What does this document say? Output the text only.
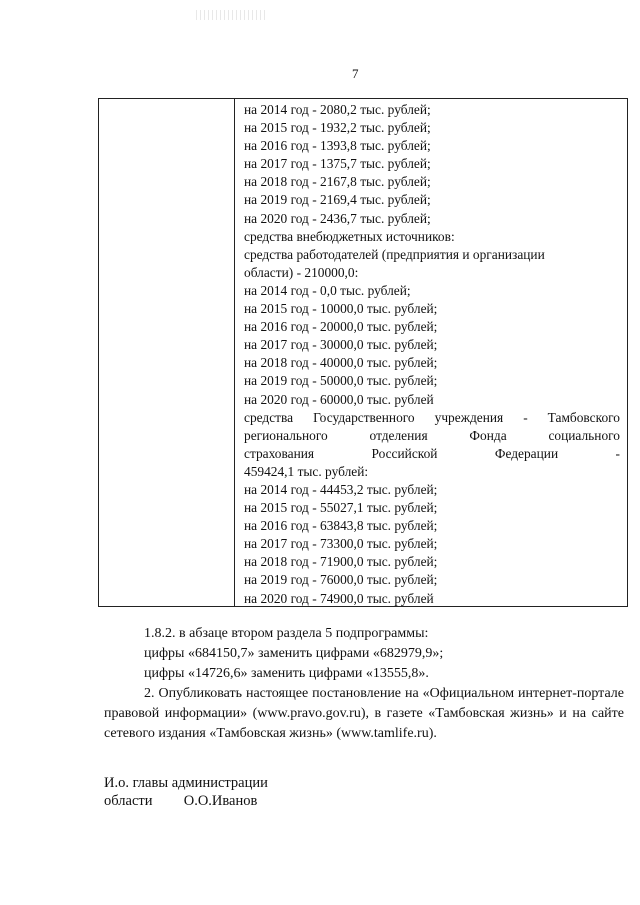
7
на 2014 год - 2080,2 тыс. рублей;
на 2015 год - 1932,2 тыс. рублей;
на 2016 год - 1393,8 тыс. рублей;
на 2017 год - 1375,7 тыс. рублей;
на 2018 год - 2167,8 тыс. рублей;
на 2019 год - 2169,4 тыс. рублей;
на 2020 год - 2436,7 тыс. рублей;
средства внебюджетных источников:
средства работодателей (предприятия и организации
области) - 210000,0:
на 2014 год - 0,0 тыс. рублей;
на 2015 год - 10000,0 тыс. рублей;
на 2016 год - 20000,0 тыс. рублей;
на 2017 год - 30000,0 тыс. рублей;
на 2018 год - 40000,0 тыс. рублей;
на 2019 год - 50000,0 тыс. рублей;
на 2020 год - 60000,0 тыс. рублей
средства Государственного учреждения - Тамбовского
регионального отделения Фонда социального
страхования Российской Федерации -
459424,1 тыс. рублей:
на 2014 год - 44453,2 тыс. рублей;
на 2015 год - 55027,1 тыс. рублей;
на 2016 год - 63843,8 тыс. рублей;
на 2017 год - 73300,0 тыс. рублей;
на 2018 год - 71900,0 тыс. рублей;
на 2019 год - 76000,0 тыс. рублей;
на 2020 год - 74900,0 тыс. рублей
1.8.2. в абзаце втором раздела 5 подпрограммы:
цифры «684150,7» заменить цифрами «682979,9»;
цифры «14726,6» заменить цифрами «13555,8».
2. Опубликовать настоящее постановление на «Официальном интернет-портале правовой информации» (www.pravo.gov.ru), в газете «Тамбовская жизнь» и на сайте сетевого издания «Тамбовская жизнь» (www.tamlife.ru).
И.о. главы администрации
области О.О.Иванов
